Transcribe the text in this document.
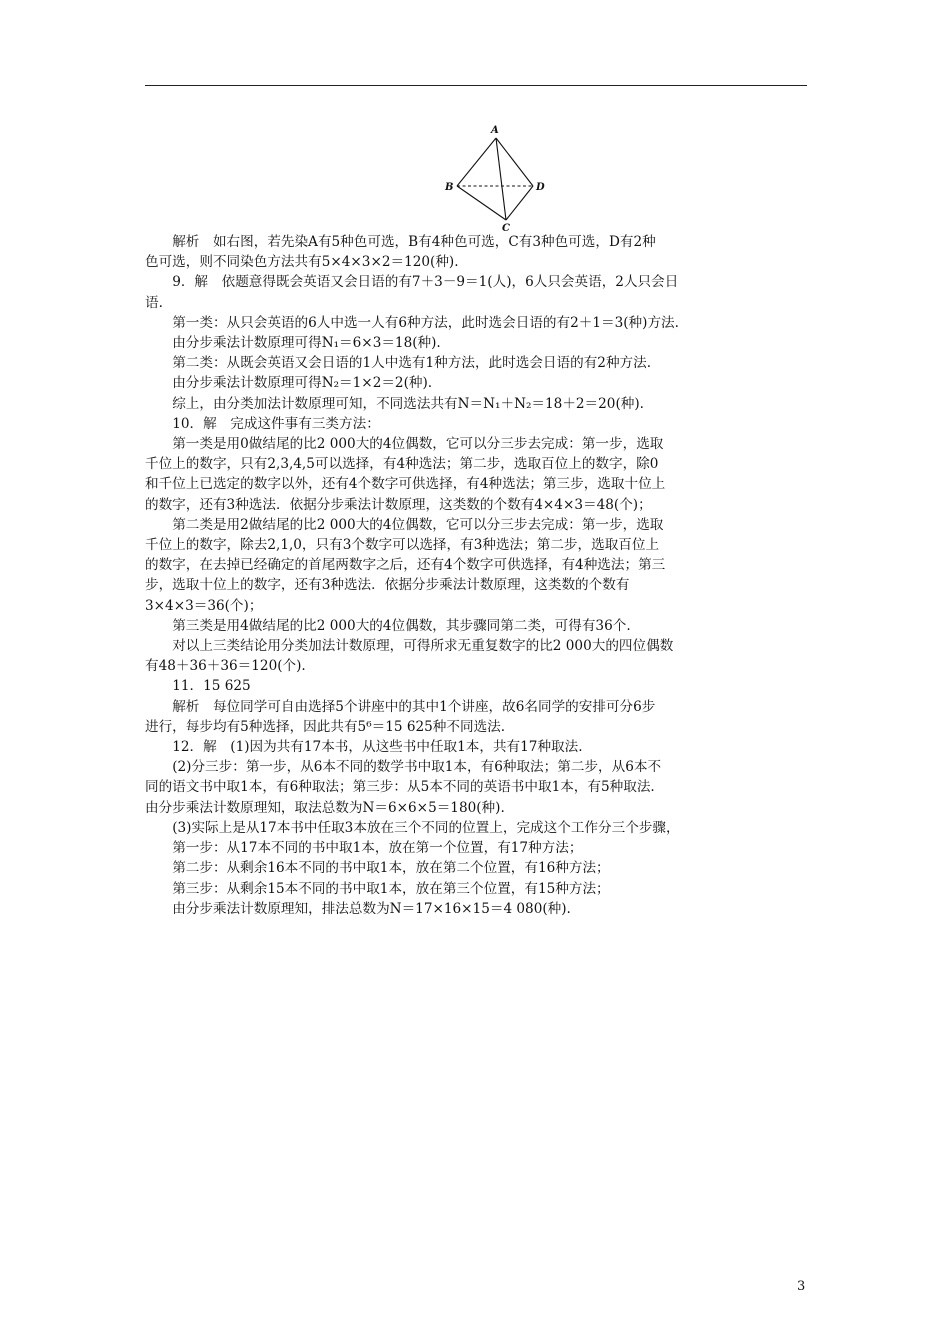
A
B
C
D

解析　如右图，若先染A有5种色可选，B有4种色可选，C有3种色可选，D有2种

色可选，则不同染色方法共有5×4×3×2＝120(种).

9．解　依题意得既会英语又会日语的有7＋3－9＝1(人)，6人只会英语，2人只会日

语.

第一类：从只会英语的6人中选一人有6种方法，此时选会日语的有2＋1＝3(种)方法.

由分步乘法计数原理可得N₁＝6×3＝18(种).

第二类：从既会英语又会日语的1人中选有1种方法，此时选会日语的有2种方法.

由分步乘法计数原理可得N₂＝1×2＝2(种).

综上，由分类加法计数原理可知，不同选法共有N＝N₁＋N₂＝18＋2＝20(种).

10．解　完成这件事有三类方法：

第一类是用0做结尾的比2 000大的4位偶数，它可以分三步去完成：第一步，选取

千位上的数字，只有2,3,4,5可以选择，有4种选法；第二步，选取百位上的数字，除0

和千位上已选定的数字以外，还有4个数字可供选择，有4种选法；第三步，选取十位上

的数字，还有3种选法．依据分步乘法计数原理，这类数的个数有4×4×3＝48(个)；

第二类是用2做结尾的比2 000大的4位偶数，它可以分三步去完成：第一步，选取

千位上的数字，除去2,1,0，只有3个数字可以选择，有3种选法；第二步，选取百位上

的数字，在去掉已经确定的首尾两数字之后，还有4个数字可供选择，有4种选法；第三

步，选取十位上的数字，还有3种选法．依据分步乘法计数原理，这类数的个数有

3×4×3＝36(个)；

第三类是用4做结尾的比2 000大的4位偶数，其步骤同第二类，可得有36个.

对以上三类结论用分类加法计数原理，可得所求无重复数字的比2 000大的四位偶数

有48＋36＋36＝120(个).

11．15 625

解析　每位同学可自由选择5个讲座中的其中1个讲座，故6名同学的安排可分6步

进行，每步均有5种选择，因此共有5⁶＝15 625种不同选法.

12．解　(1)因为共有17本书，从这些书中任取1本，共有17种取法.

(2)分三步：第一步，从6本不同的数学书中取1本，有6种取法；第二步，从6本不

同的语文书中取1本，有6种取法；第三步：从5本不同的英语书中取1本，有5种取法.

由分步乘法计数原理知，取法总数为N＝6×6×5＝180(种).

(3)实际上是从17本书中任取3本放在三个不同的位置上，完成这个工作分三个步骤，

第一步：从17本不同的书中取1本，放在第一个位置，有17种方法；

第二步：从剩余16本不同的书中取1本，放在第二个位置，有16种方法；

第三步：从剩余15本不同的书中取1本，放在第三个位置，有15种方法；

由分步乘法计数原理知，排法总数为N＝17×16×15＝4 080(种).

3
